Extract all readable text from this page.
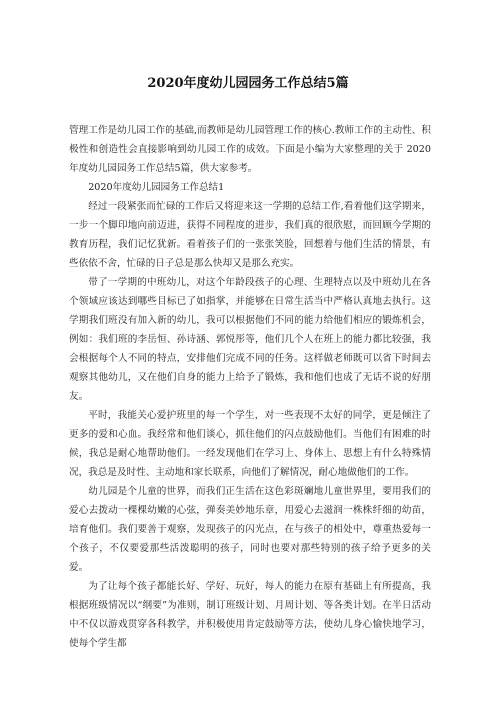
2020年度幼儿园园务工作总结5篇

管理工作是幼儿园工作的基础,而教师是幼儿园管理工作的核心.教师工作的主动性、积极性和创造性会直接影响到幼儿园工作的成效。下面是小编为大家整理的关于 2020 年度幼儿园园务工作总结5篇，供大家参考。

2020年度幼儿园园务工作总结1

经过一段紧张而忙碌的工作后又将迎来这一学期的总结工作,看着他们这学期来，一步一个脚印地向前迈进，获得不同程度的进步，我们真的很欣慰，而回顾今学期的教育历程，我们记忆犹新。看着孩子们的一张张笑脸，回想着与他们生活的情景，有些依依不舍，忙碌的日子总是那么快却又是那么充实。

带了一学期的中班幼儿，对这个年龄段孩子的心理、生理特点以及中班幼儿在各个领域应该达到哪些目标已了如指掌，并能够在日常生活当中严格认真地去执行。这学期我们班没有加入新的幼儿，我可以根据他们不同的能力给他们相应的锻炼机会，例如：我们班的李岳恒、孙诗涵、郭悦彤等，他们几个人在班上的能力都比较强，我会根据每个人不同的特点，安排他们完成不同的任务。这样做老师既可以省下时间去观察其他幼儿，又在他们自身的能力上给予了锻炼，我和他们也成了无话不说的好朋友。

平时，我能关心爱护班里的每一个学生，对一些表现不太好的同学，更是倾注了更多的爱和心血。我经常和他们谈心，抓住他们的闪点鼓励他们。当他们有困难的时候，我总是耐心地帮助他们。一经发现他们在学习上、身体上、思想上有什么特殊情况，我总是及时性、主动地和家长联系，向他们了解情况，耐心地做他们的工作。

幼儿园是个儿童的世界，而我们正生活在这色彩斑斓地儿童世界里，要用我们的爱心去拨动一棵棵幼嫩的心弦，弹奏美妙地乐章，用爱心去滋润一株株纤细的幼苗，培育他们。我们要善于观察，发现孩子的闪光点，在与孩子的相处中，尊重热爱每一个孩子，不仅要爱那些活泼聪明的孩子，同时也要对那些特别的孩子给予更多的关爱。

为了让每个孩子都能长好、学好、玩好，每人的能力在原有基础上有所提高，我根据班级情况以“纲要”为准则，制订班级计划、月周计划、等各类计划。在半日活动中不仅以游戏贯穿各科教学，并积极使用肯定鼓励等方法，使幼儿身心愉快地学习，使每个学生都
